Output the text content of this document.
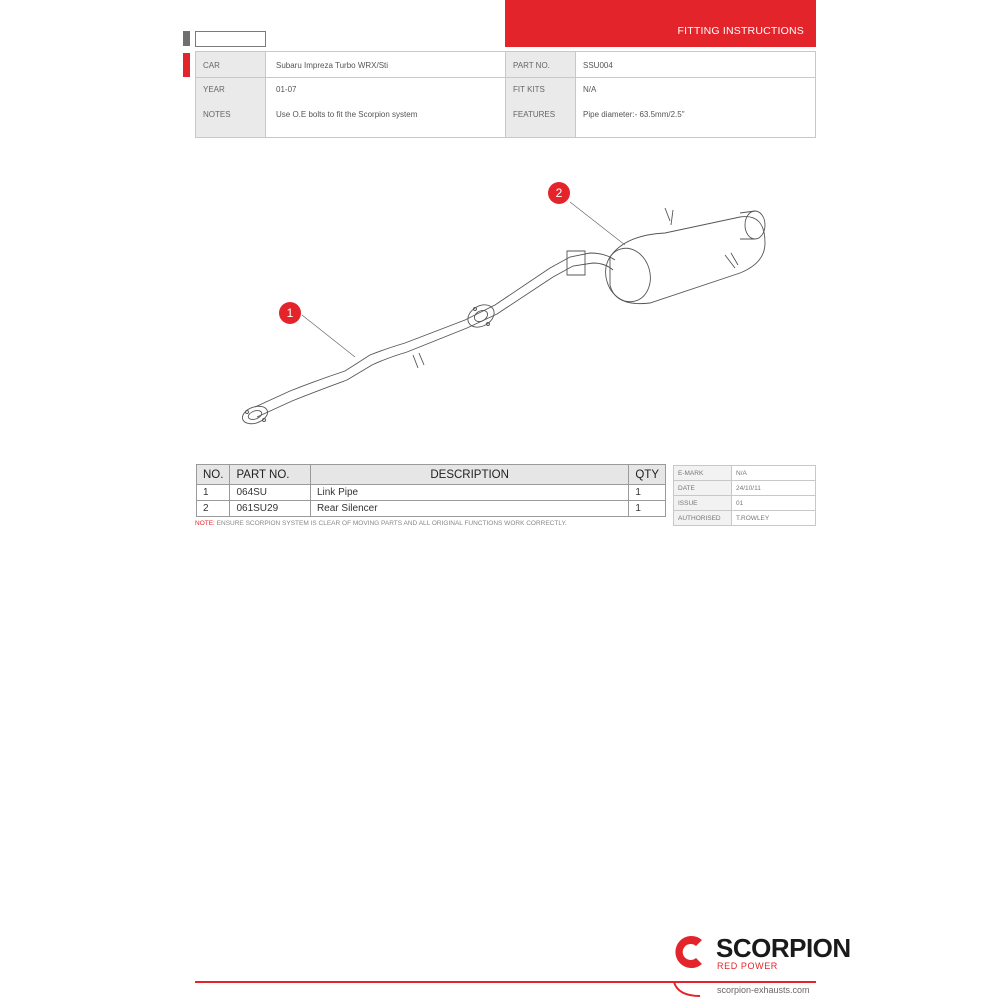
FITTING INSTRUCTIONS
CAR	Subaru Impreza Turbo WRX/Sti	PART NO.	SSU004
YEAR	01-07	FIT KITS	N/A
NOTES	Use O.E bolts to fit the Scorpion system	FEATURES	Pipe diameter:- 63.5mm/2.5"
1
2
NO.	PART NO.	DESCRIPTION	QTY
1	064SU	Link Pipe	1
2	061SU29	Rear Silencer	1
NOTE: ENSURE SCORPION SYSTEM IS CLEAR OF MOVING PARTS AND ALL ORIGINAL FUNCTIONS WORK CORRECTLY.
E-MARK	N/A
DATE	24/10/11
ISSUE	01
AUTHORISED	T.ROWLEY
SCORPION
RED POWER
scorpion-exhausts.com
